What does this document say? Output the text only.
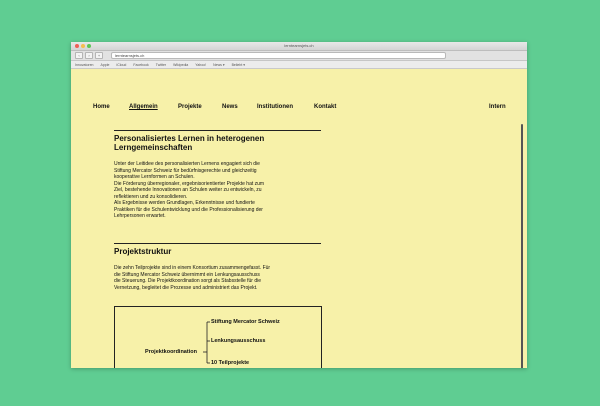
lerntearnsjets.ch
‹	›	+	lerntearnsjets.ch
Innovatoren Apple iCloud Facebook Twitter Wikipedia Yahoo! News ▾ Beliebt ▾
Home	Allgemein	Projekte	News	Institutionen	Kontakt	Intern
Personalisiertes Lernen in heterogenen Lerngemeinschaften
Unter der Leitidee des personalisierten Lernens engagiert sich die
Stiftung Mercator Schweiz für bedürfnisgerechte und gleichzeitig
kooperative Lernformen an Schulen.
Die Förderung überregionaler, ergebnisorientierter Projekte hat zum
Ziel, bestehende Innovationen an Schulen weiter zu entwickeln, zu
reflektieren und zu konsolidieren.
Als Ergebnisse werden Grundlagen, Erkenntnisse und fundierte
Praktiken für die Schulentwicklung und die Professionalisierung der
Lehrpersonen erwartet.
Projektstruktur
Die zehn Teilprojekte sind in einem Konsortium zusammengefasst. Für
die Stiftung Mercator Schweiz übernimmt ein Lenkungsausschuss
die Steuerung. Die Projektkoordination sorgt als Stabsstelle für die
Vernetzung, begleitet die Prozesse und administriert das Projekt.
Projektkoordination
Stiftung Mercator Schweiz
Lenkungsausschuss
10 Teilprojekte
